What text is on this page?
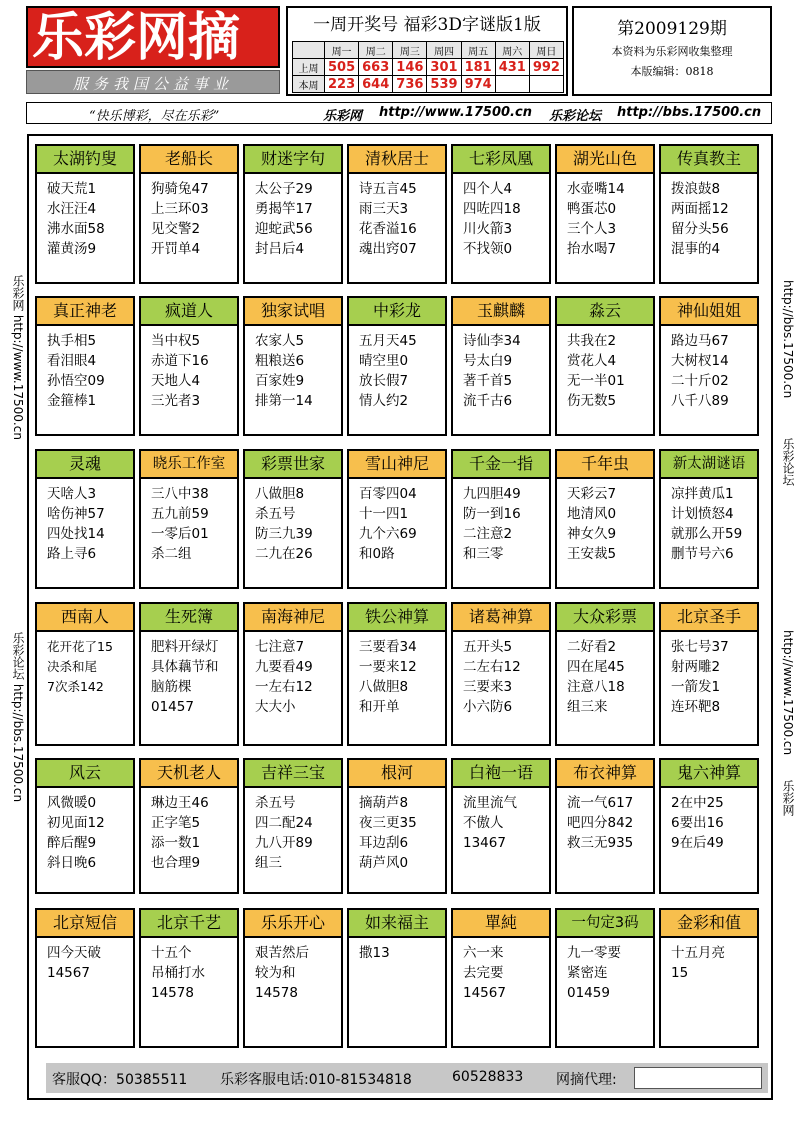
乐彩网摘
服务我国公益事业
一周开奖号 福彩3D字谜版1版
	周一	周二	周三	周四	周五	周六	周日
上周	505	663	146	301	181	431	992
本周	223	644	736	539	974		
第2009129期
本资料为乐彩网收集整理
本版编辑：0818
“快乐博彩，尽在乐彩”	乐彩网 http://www.17500.cn 乐彩论坛 http://bbs.17500.cn
乐彩网 http://www.17500.cn
乐彩论坛 http://bbs.17500.cn
http://bbs.17500.cn
乐彩论坛
http://www.17500.cn
乐彩网
太湖钓叟
破天荒1
水汪汪4
沸水面58
灌黄汤9
老船长
狗骑兔47
上三环03
见交警2
开罚单4
财迷字句
太公子29
勇揭竿17
迎蛇武56
封吕后4
清秋居士
诗五言45
雨三天3
花香溢16
魂出窍07
七彩凤凰
四个人4
四咗四18
川火箭3
不找领0
湖光山色
水壶嘴14
鸭蛋芯0
三个人3
抬水喝7
传真教主
拨浪鼓8
两面摇12
留分头56
混事的4
真正神老
执手相5
看泪眼4
孙悟空09
金箍棒1
疯道人
当中权5
赤道下16
天地人4
三光者3
独家试唱
农家人5
粗粮送6
百家姓9
排第一14
中彩龙
五月天45
晴空里0
放长假7
情人约2
玉麒麟
诗仙李34
号太白9
著千首5
流千古6
淼云
共我在2
赏花人4
无一半01
伤无数5
神仙姐姐
路边马67
大树杈14
二十斤02
八千八89
灵魂
天啥人3
啥伤神57
四处找14
路上寻6
晓乐工作室
三八中38
五九前59
一零后01
杀二组
彩票世家
八做胆8
杀五号
防三九39
二九在26
雪山神尼
百零四04
十一四1
九个六69
和0路
千金一指
九四胆49
防一到16
二注意2
和三零
千年虫
天彩云7
地清风0
神女久9
王安裁5
新太湖谜语
凉拌黄瓜1
计划愤怒4
就那么开59
删节号六6
西南人
花开花了15
决杀和尾
7次杀142
生死簿
肥料开绿灯
具体藕节和
脑筋棵
01457
南海神尼
七注意7
九要看49
一左右12
大大小
铁公神算
三要看34
一要来12
八做胆8
和开单
诸葛神算
五开头5
二左右12
三要来3
小六防6
大众彩票
二好看2
四在尾45
注意八18
组三来
北京圣手
张七号37
射两雕2
一箭发1
连环靶8
风云
风微暖0
初见面12
醉后醒9
斜日晚6
天机老人
琳边王46
正字笔5
添一数1
也合理9
吉祥三宝
杀五号
四二配24
九八开89
组三
根河
摘葫芦8
夜三更35
耳边刮6
葫芦风0
白袍一语
流里流气
不傲人
13467
布衣神算
流一气617
吧四分842
救三无935
鬼六神算
2在中25
6要出16
9在后49
北京短信
四今天破
14567
北京千艺
十五个
吊桶打水
14578
乐乐开心
艰苦然后
较为和
14578
如来福主
撒13
單純
六一来
去完要
14567
一句定3码
九一零要
紧密连
01459
金彩和值
十五月亮
15
客服QQ：50385511 乐彩客服电话:010-81534818	60528833 网摘代理:
